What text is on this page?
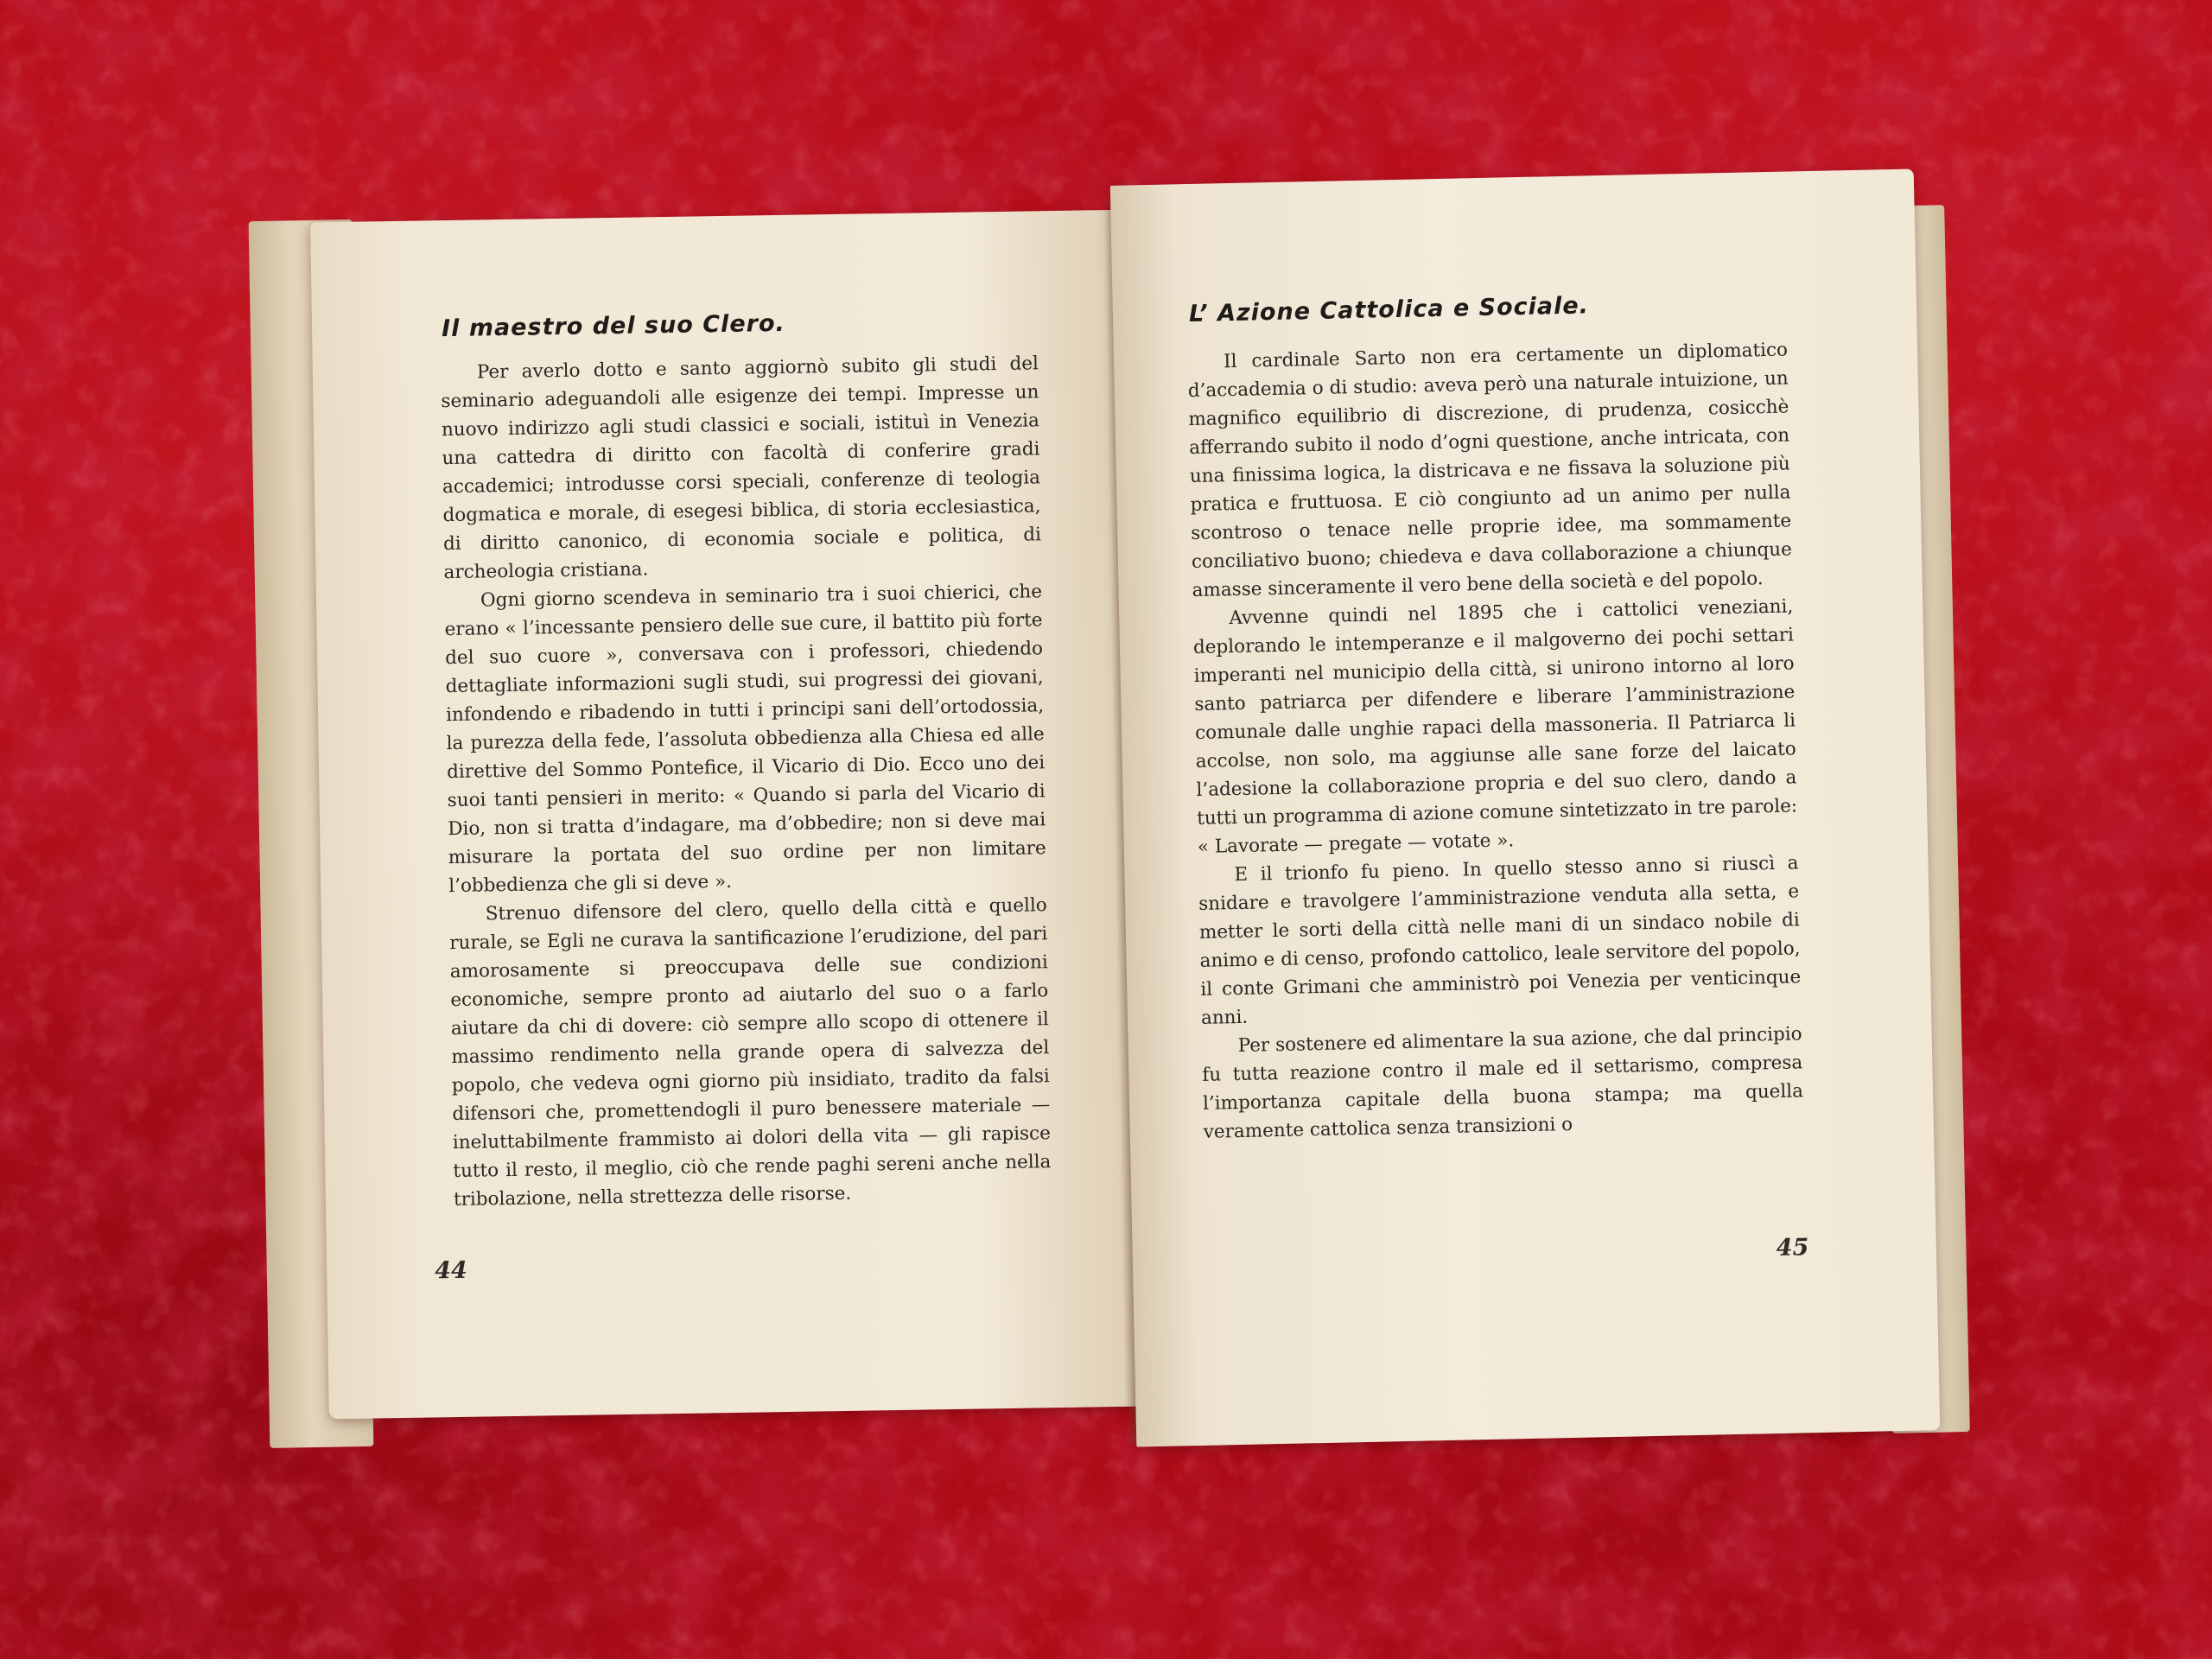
Il maestro del suo Clero.

Per averlo dotto e santo aggiornò subito gli studi del seminario adeguandoli alle esigenze dei tempi. Impresse un nuovo indirizzo agli studi classici e sociali, istituì in Venezia una cattedra di diritto con facoltà di conferire gradi accademici; introdusse corsi speciali, conferenze di teologia dogmatica e morale, di esegesi biblica, di storia ecclesiastica, di diritto canonico, di economia sociale e politica, di archeologia cristiana.

Ogni giorno scendeva in seminario tra i suoi chierici, che erano « l’incessante pensiero delle sue cure, il battito più forte del suo cuore », conversava con i professori, chiedendo dettagliate informazioni sugli studi, sui progressi dei giovani, infondendo e ribadendo in tutti i principi sani dell’ortodossia, la purezza della fede, l’assoluta obbedienza alla Chiesa ed alle direttive del Sommo Pontefice, il Vicario di Dio. Ecco uno dei suoi tanti pensieri in merito: « Quando si parla del Vicario di Dio, non si tratta d’indagare, ma d’obbedire; non si deve mai misurare la portata del suo ordine per non limitare l’obbedienza che gli si deve ».

Strenuo difensore del clero, quello della città e quello rurale, se Egli ne curava la santificazione l’erudizione, del pari amorosamente si preoccupava delle sue condizioni economiche, sempre pronto ad aiutarlo del suo o a farlo aiutare da chi di dovere: ciò sempre allo scopo di ottenere il massimo rendimento nella grande opera di salvezza del popolo, che vedeva ogni giorno più insidiato, tradito da falsi difensori che, promettendogli il puro benessere materiale — ineluttabilmente frammisto ai dolori della vita — gli rapisce tutto il resto, il meglio, ciò che rende paghi sereni anche nella tribolazione, nella strettezza delle risorse.

44
L’ Azione Cattolica e Sociale.

Il cardinale Sarto non era certamente un diplomatico d’accademia o di studio: aveva però una naturale intuizione, un magnifico equilibrio di discrezione, di prudenza, cosicchè afferrando subito il nodo d’ogni questione, anche intricata, con una finissima logica, la districava e ne fissava la soluzione più pratica e fruttuosa. E ciò congiunto ad un animo per nulla scontroso o tenace nelle proprie idee, ma sommamente conciliativo buono; chiedeva e dava collaborazione a chiunque amasse sinceramente il vero bene della società e del popolo.

Avvenne quindi nel 1895 che i cattolici veneziani, deplorando le intemperanze e il malgoverno dei pochi settari imperanti nel municipio della città, si unirono intorno al loro santo patriarca per difendere e liberare l’amministrazione comunale dalle unghie rapaci della massoneria. Il Patriarca li accolse, non solo, ma aggiunse alle sane forze del laicato l’adesione la collaborazione propria e del suo clero, dando a tutti un programma di azione comune sintetizzato in tre parole: « Lavorate — pregate — votate ».

E il trionfo fu pieno. In quello stesso anno si riuscì a snidare e travolgere l’amministrazione venduta alla setta, e metter le sorti della città nelle mani di un sindaco nobile di animo e di censo, profondo cattolico, leale servitore del popolo, il conte Grimani che amministrò poi Venezia per venticinque anni.

Per sostenere ed alimentare la sua azione, che dal principio fu tutta reazione contro il male ed il settarismo, compresa l’importanza capitale della buona stampa; ma quella veramente cattolica senza transizioni o

45
